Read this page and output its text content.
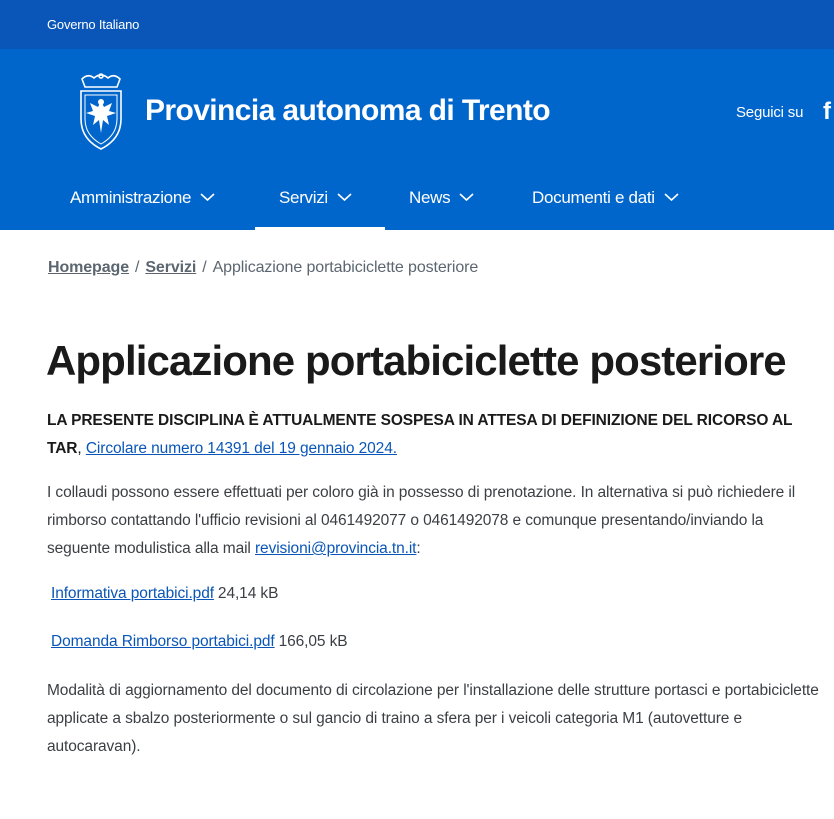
Governo Italiano
Provincia autonoma di Trento	Seguici su f
Amministrazione	Servizi	News	Documenti e dati
Homepage / Servizi / Applicazione portabiciclette posteriore
Applicazione portabiciclette posteriore

LA PRESENTE DISCIPLINA È ATTUALMENTE SOSPESA IN ATTESA DI DEFINIZIONE DEL RICORSO AL TAR, Circolare numero 14391 del 19 gennaio 2024.

I collaudi possono essere effettuati per coloro già in possesso di prenotazione. In alternativa si può richiedere il rimborso contattando l'ufficio revisioni al 0461492077 o 0461492078 e comunque presentando/inviando la seguente modulistica alla mail revisioni@provincia.tn.it:

Informativa portabici.pdf 24,14 kB
Domanda Rimborso portabici.pdf 166,05 kB

Modalità di aggiornamento del documento di circolazione per l'installazione delle strutture portasci e portabiciclette applicate a sbalzo posteriormente o sul gancio di traino a sfera per i veicoli categoria M1 (autovetture e autocaravan).
